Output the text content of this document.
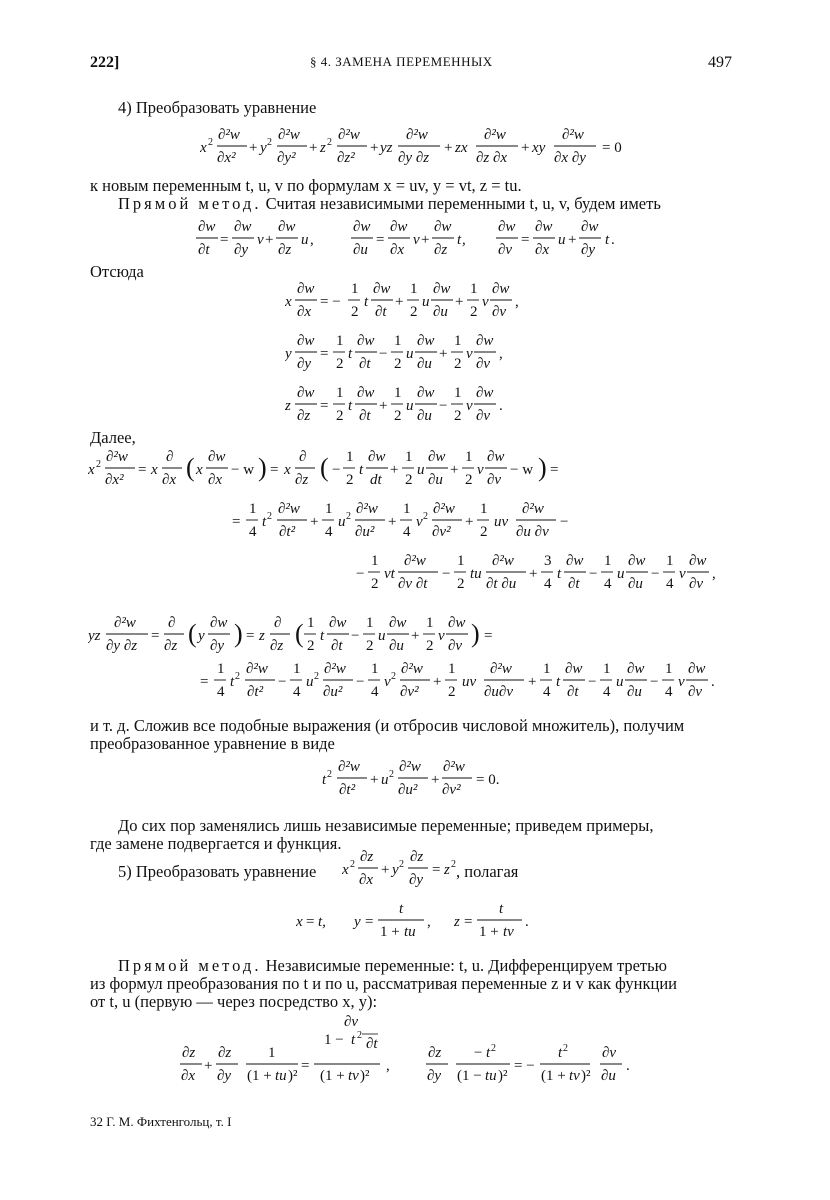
222]	§ 4. ЗАМЕНА ПЕРЕМЕННЫХ	497
4) Преобразовать уравнение
x 2 ∂²w
∂x²
+ y 2 ∂²w
∂y²
+ z 2 ∂²w
∂z²
+ yz
∂²w
∂y ∂z
+ zx
∂²w
∂z ∂x
+ xy
∂²w
∂x ∂y
= 0
к новым переменным t, u, v по формулам x = uv, y = vt, z = tu.
Прямой метод. Считая независимыми переменными t, u, v, будем иметь
∂w
∂t
=
∂w
∂y
v +
∂w
∂z
u ,
∂w
∂u
=
∂w
∂x
v +
∂w
∂z
t ,
∂w
∂v
=
∂w
∂x
u +
∂w
∂y
t .
Отсюда
x
∂w
∂x
= −
1
2
t
∂w
∂t
+
1
2
u
∂w
∂u
+
1
2
v
∂w
∂v
,
y
∂w
∂y
=
1
2
t
∂w
∂t
−
1
2
u
∂w
∂u
+
1
2
v
∂w
∂v
,
z
∂w
∂z
=
1
2
t
∂w
∂t
+
1
2
u
∂w
∂u
−
1
2
v
∂w
∂v
.
Далее,
x 2 ∂²w
∂x²
= x
∂
∂x ( x
∂w
∂x
− w ) = x
∂
∂z ( −
1
2
t
∂w
dt
+
1
2
u
∂w
∂u
+
1
2
v
∂w
∂v
− w ) =
=
1
4
t 2 ∂²w
∂t²
+
1
4
u 2 ∂²w
∂u²
+
1
4
v 2 ∂²w
∂v²
+
1
2
uv
∂²w
∂u ∂v
−
−
1
2
vt
∂²w
∂v ∂t
−
1
2
tu
∂²w
∂t ∂u
+
3
4
t
∂w
∂t
−
1
4
u
∂w
∂u
−
1
4
v
∂w
∂v
,
yz
∂²w
∂y ∂z
=
∂
∂z ( y
∂w
∂y ) = z
∂
∂z ( 1
2
t
∂w
∂t
−
1
2
u
∂w
∂u
+
1
2
v
∂w
∂v ) =
=
1
4
t 2 ∂²w
∂t²
−
1
4
u 2 ∂²w
∂u²
−
1
4
v 2 ∂²w
∂v²
+
1
2
uv
∂²w
∂u∂v
+
1
4
t
∂w
∂t
−
1
4
u
∂w
∂u
−
1
4
v
∂w
∂v
.
и т. д. Сложив все подобные выражения (и отбросив числовой множитель), получим
преобразованное уравнение в виде
t 2 ∂²w
∂t²
+ u 2 ∂²w
∂u²
+
∂²w
∂v²
= 0.
До сих пор заменялись лишь независимые переменные; приведем примеры,
где замене подвергается и функция.
5) Преобразовать уравнение x 2 ∂z
∂x
+ y 2 ∂z
∂y
= z 2 , полагая
x = t, y =
t
1 + tu
, z =
t
1 + tv
.
Прямой метод. Независимые переменные: t, u. Дифференцируем третью
из формул преобразования по t и по u, рассматривая переменные z и v как функции
от t, u (первую — через посредство x, y):
∂z
∂x
+
∂z
∂y
1
(1 + tu )²
=
∂v
1 − t 2
∂t
(1 + tv )²
,
∂z
∂y
− t 2
(1 − tu )²
= −
t 2
(1 + tv )²
∂v
∂u
.
32 Г. М. Фихтенгольц, т. I
